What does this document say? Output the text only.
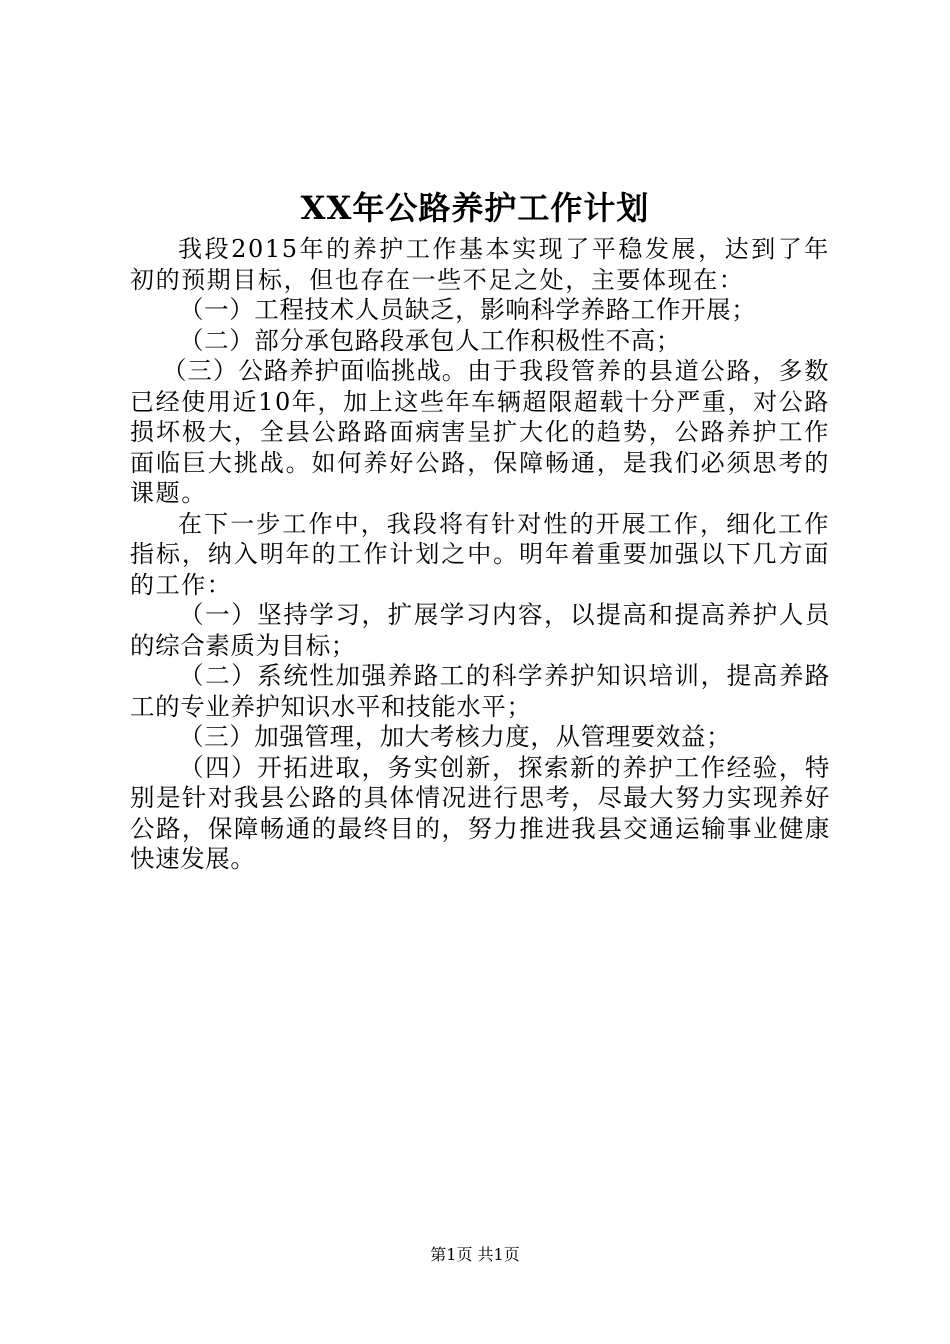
XX年公路养护工作计划

我段2015年的养护工作基本实现了平稳发展，达到了年初的预期目标，但也存在一些不足之处，主要体现在：

（一）工程技术人员缺乏，影响科学养路工作开展；

（二）部分承包路段承包人工作积极性不高；

（三）公路养护面临挑战。由于我段管养的县道公路，多数已经使用近10年，加上这些年车辆超限超载十分严重，对公路损坏极大，全县公路路面病害呈扩大化的趋势，公路养护工作面临巨大挑战。如何养好公路，保障畅通，是我们必须思考的课题。

在下一步工作中，我段将有针对性的开展工作，细化工作指标，纳入明年的工作计划之中。明年着重要加强以下几方面的工作：

（一）坚持学习，扩展学习内容，以提高和提高养护人员的综合素质为目标；

（二）系统性加强养路工的科学养护知识培训，提高养路工的专业养护知识水平和技能水平；

（三）加强管理，加大考核力度，从管理要效益；

（四）开拓进取，务实创新，探索新的养护工作经验，特别是针对我县公路的具体情况进行思考，尽最大努力实现养好公路，保障畅通的最终目的，努力推进我县交通运输事业健康快速发展。

第1页 共1页
